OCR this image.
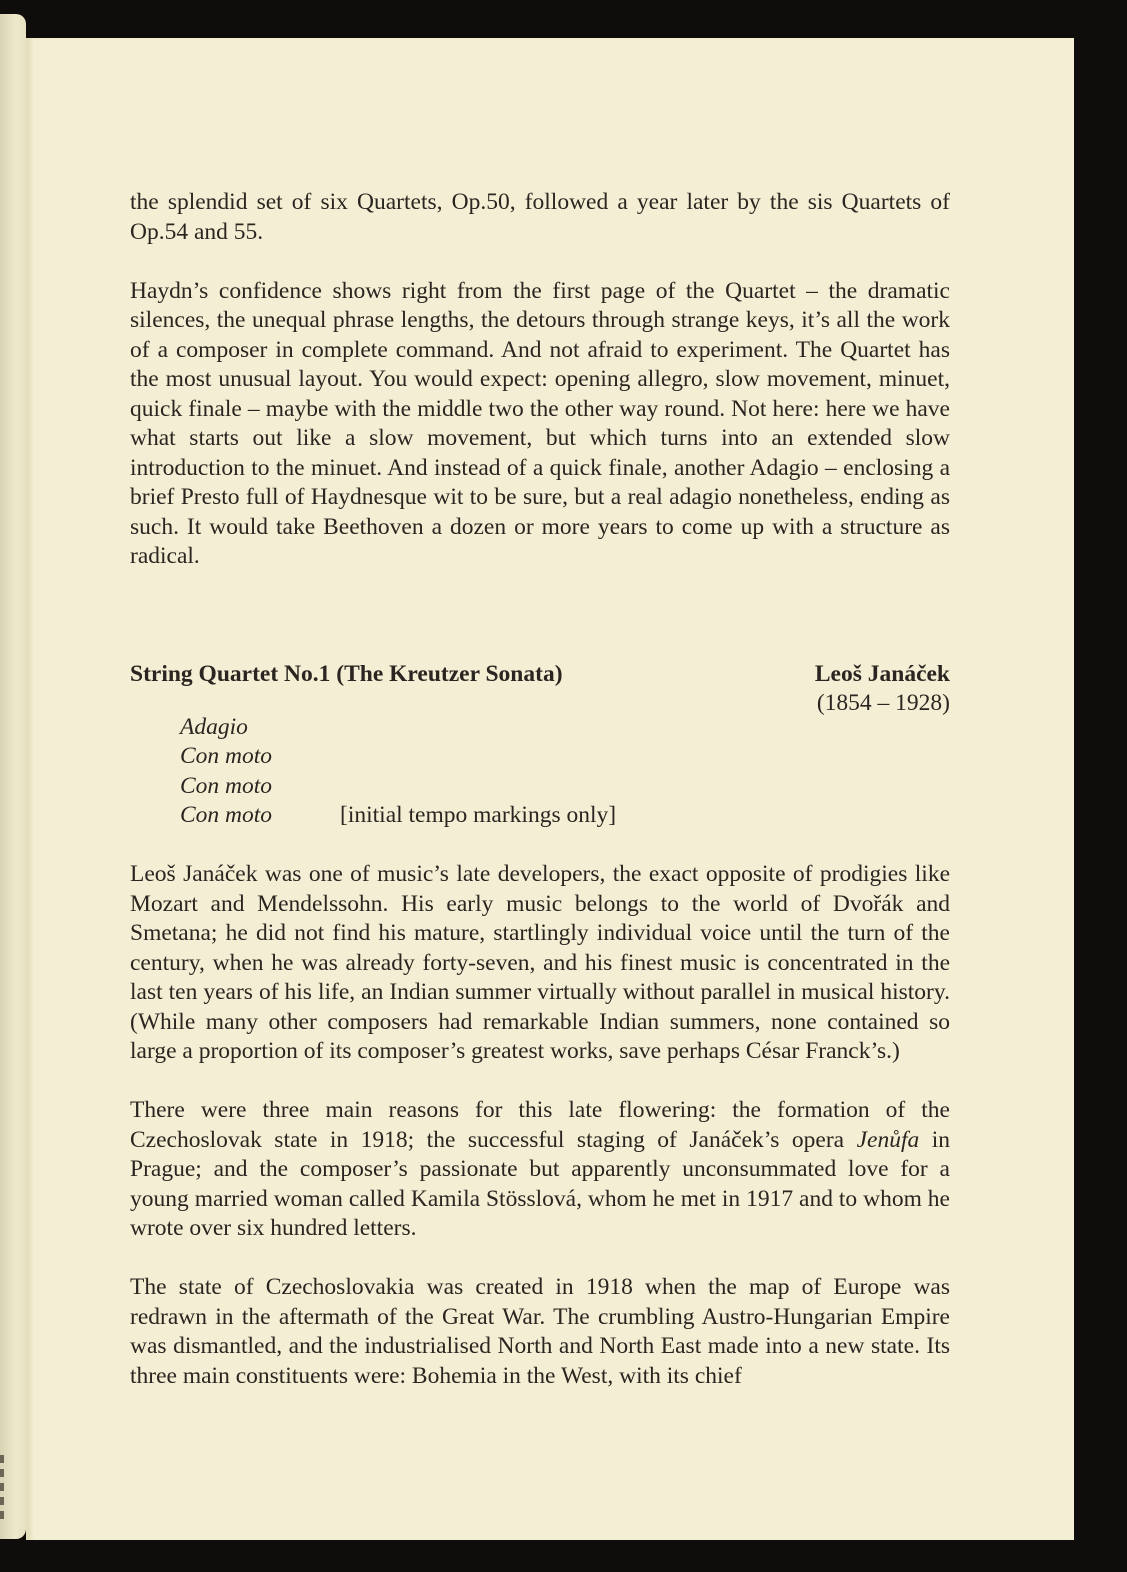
the splendid set of six Quartets, Op.50, followed a year later by the sis Quartets of Op.54 and 55.

Haydn’s confidence shows right from the first page of the Quartet – the dramatic silences, the unequal phrase lengths, the detours through strange keys, it’s all the work of a composer in complete command. And not afraid to experiment. The Quartet has the most unusual layout. You would expect: opening allegro, slow movement, minuet, quick finale – maybe with the middle two the other way round. Not here: here we have what starts out like a slow movement, but which turns into an extended slow introduction to the minuet. And instead of a quick finale, another Adagio – enclosing a brief Presto full of Haydnesque wit to be sure, but a real adagio nonetheless, ending as such. It would take Beethoven a dozen or more years to come up with a structure as radical.

String Quartet No.1 (The Kreutzer Sonata)	Leoš Janáček
(1854 – 1928)
Adagio
Con moto
Con moto
Con moto	[initial tempo markings only]

Leoš Janáček was one of music’s late developers, the exact opposite of prodigies like Mozart and Mendelssohn. His early music belongs to the world of Dvořák and Smetana; he did not find his mature, startlingly individual voice until the turn of the century, when he was already forty-seven, and his finest music is concentrated in the last ten years of his life, an Indian summer virtually without parallel in musical history. (While many other composers had remarkable Indian summers, none contained so large a proportion of its composer’s greatest works, save perhaps César Franck’s.)

There were three main reasons for this late flowering: the formation of the Czechoslovak state in 1918; the successful staging of Janáček’s opera Jenůfa in Prague; and the composer’s passionate but apparently unconsummated love for a young married woman called Kamila Stösslová, whom he met in 1917 and to whom he wrote over six hundred letters.

The state of Czechoslovakia was created in 1918 when the map of Europe was redrawn in the aftermath of the Great War. The crumbling Austro-Hungarian Empire was dismantled, and the industrialised North and North East made into a new state. Its three main constituents were: Bohemia in the West, with its chief
